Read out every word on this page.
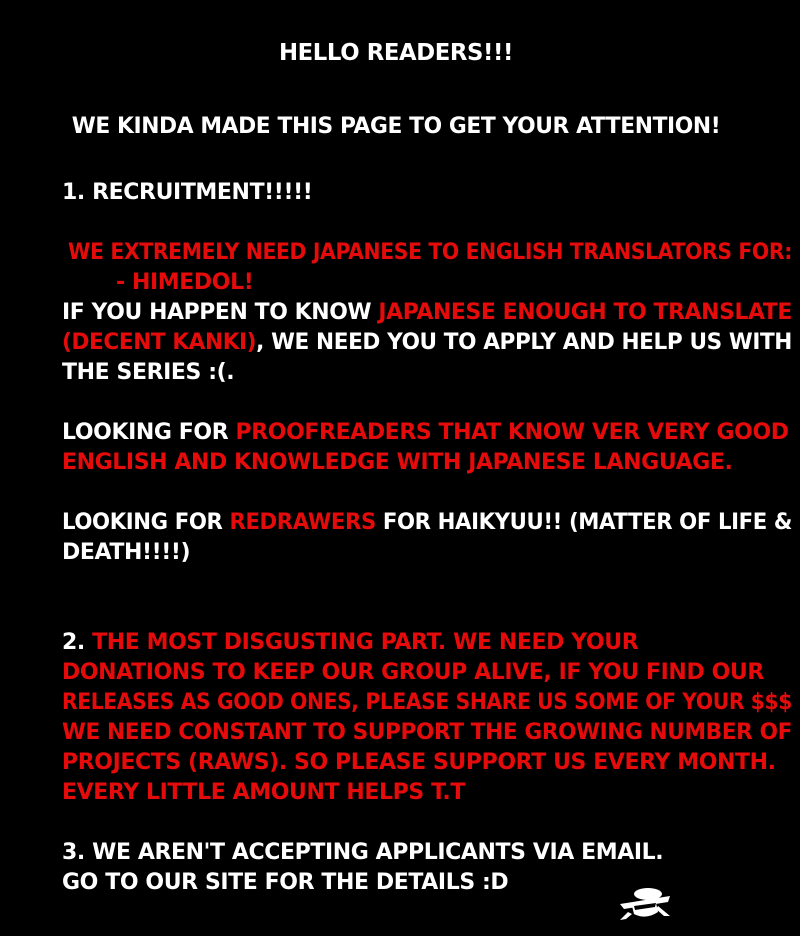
HELLO READERS!!!
WE KINDA MADE THIS PAGE TO GET YOUR ATTENTION!
1. RECRUITMENT!!!!!
WE EXTREMELY NEED JAPANESE TO ENGLISH TRANSLATORS FOR:
- HIMEDOL!
IF YOU HAPPEN TO KNOW JAPANESE ENOUGH TO TRANSLATE
(DECENT KANKI), WE NEED YOU TO APPLY AND HELP US WITH
THE SERIES :(.
LOOKING FOR PROOFREADERS THAT KNOW VER VERY GOOD
ENGLISH AND KNOWLEDGE WITH JAPANESE LANGUAGE.
LOOKING FOR REDRAWERS FOR HAIKYUU!! (MATTER OF LIFE &
DEATH!!!!)
2. THE MOST DISGUSTING PART. WE NEED YOUR
DONATIONS TO KEEP OUR GROUP ALIVE, IF YOU FIND OUR
RELEASES AS GOOD ONES, PLEASE SHARE US SOME OF YOUR $$$
WE NEED CONSTANT TO SUPPORT THE GROWING NUMBER OF
PROJECTS (RAWS). SO PLEASE SUPPORT US EVERY MONTH.
EVERY LITTLE AMOUNT HELPS T.T
3. WE AREN'T ACCEPTING APPLICANTS VIA EMAIL.
GO TO OUR SITE FOR THE DETAILS :D
